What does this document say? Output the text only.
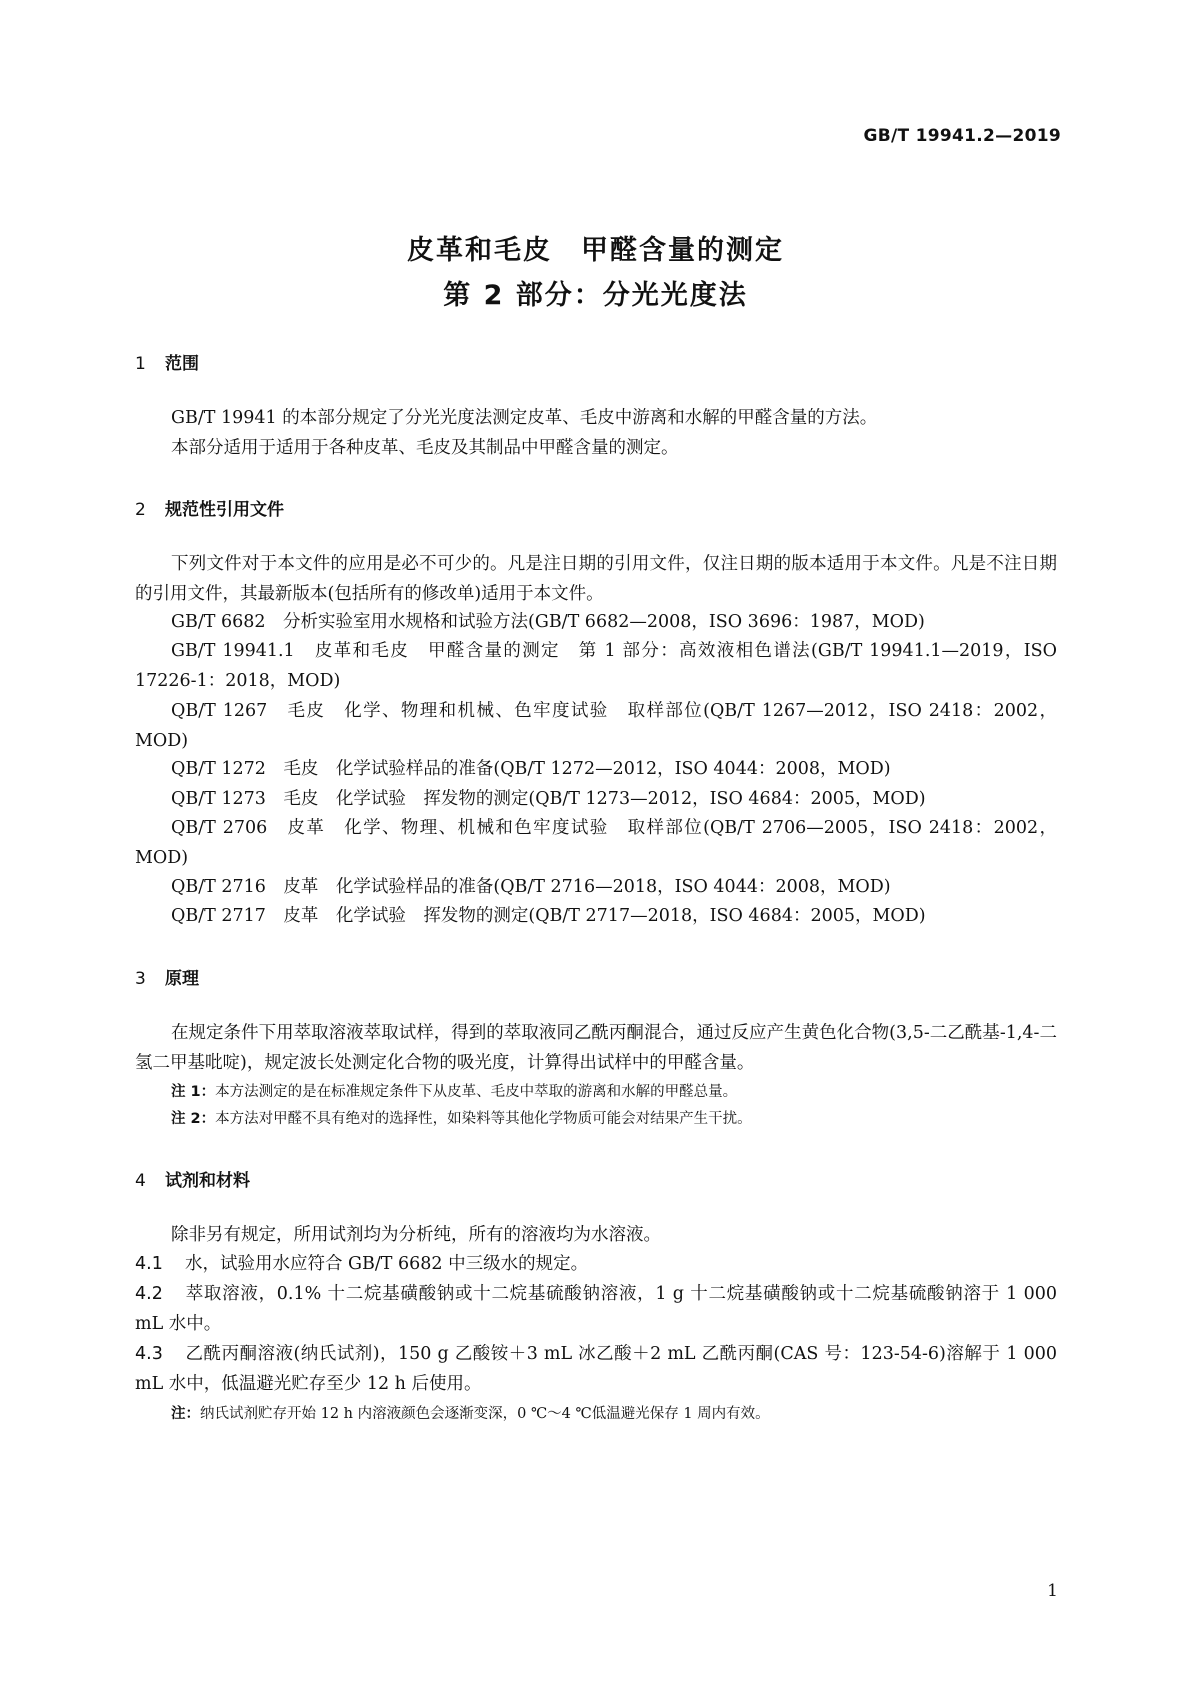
GB/T 19941.2—2019
皮革和毛皮　甲醛含量的测定
第 2 部分：分光光度法
1 范围
GB/T 19941 的本部分规定了分光光度法测定皮革、毛皮中游离和水解的甲醛含量的方法。
本部分适用于适用于各种皮革、毛皮及其制品中甲醛含量的测定。
2 规范性引用文件
下列文件对于本文件的应用是必不可少的。凡是注日期的引用文件，仅注日期的版本适用于本文件。凡是不注日期的引用文件，其最新版本(包括所有的修改单)适用于本文件。
GB/T 6682　分析实验室用水规格和试验方法(GB/T 6682—2008，ISO 3696：1987，MOD)
GB/T 19941.1　皮革和毛皮　甲醛含量的测定　第 1 部分：高效液相色谱法(GB/T 19941.1—2019，ISO 17226-1：2018，MOD)
QB/T 1267　毛皮　化学、物理和机械、色牢度试验　取样部位(QB/T 1267—2012，ISO 2418：2002，MOD)
QB/T 1272　毛皮　化学试验样品的准备(QB/T 1272—2012，ISO 4044：2008，MOD)
QB/T 1273　毛皮　化学试验　挥发物的测定(QB/T 1273—2012，ISO 4684：2005，MOD)
QB/T 2706　皮革　化学、物理、机械和色牢度试验　取样部位(QB/T 2706—2005，ISO 2418：2002，MOD)
QB/T 2716　皮革　化学试验样品的准备(QB/T 2716—2018，ISO 4044：2008，MOD)
QB/T 2717　皮革　化学试验　挥发物的测定(QB/T 2717—2018，ISO 4684：2005，MOD)
3 原理
在规定条件下用萃取溶液萃取试样，得到的萃取液同乙酰丙酮混合，通过反应产生黄色化合物(3,5-二乙酰基-1,4-二氢二甲基吡啶)，规定波长处测定化合物的吸光度，计算得出试样中的甲醛含量。
注 1：本方法测定的是在标准规定条件下从皮革、毛皮中萃取的游离和水解的甲醛总量。
注 2：本方法对甲醛不具有绝对的选择性，如染料等其他化学物质可能会对结果产生干扰。
4 试剂和材料
除非另有规定，所用试剂均为分析纯，所有的溶液均为水溶液。
4.1 水，试验用水应符合 GB/T 6682 中三级水的规定。
4.2 萃取溶液，0.1% 十二烷基磺酸钠或十二烷基硫酸钠溶液，1 g 十二烷基磺酸钠或十二烷基硫酸钠溶于 1 000 mL 水中。
4.3 乙酰丙酮溶液(纳氏试剂)，150 g 乙酸铵＋3 mL 冰乙酸＋2 mL 乙酰丙酮(CAS 号：123-54-6)溶解于 1 000 mL 水中，低温避光贮存至少 12 h 后使用。
注：纳氏试剂贮存开始 12 h 内溶液颜色会逐渐变深，0 ℃～4 ℃低温避光保存 1 周内有效。
1
